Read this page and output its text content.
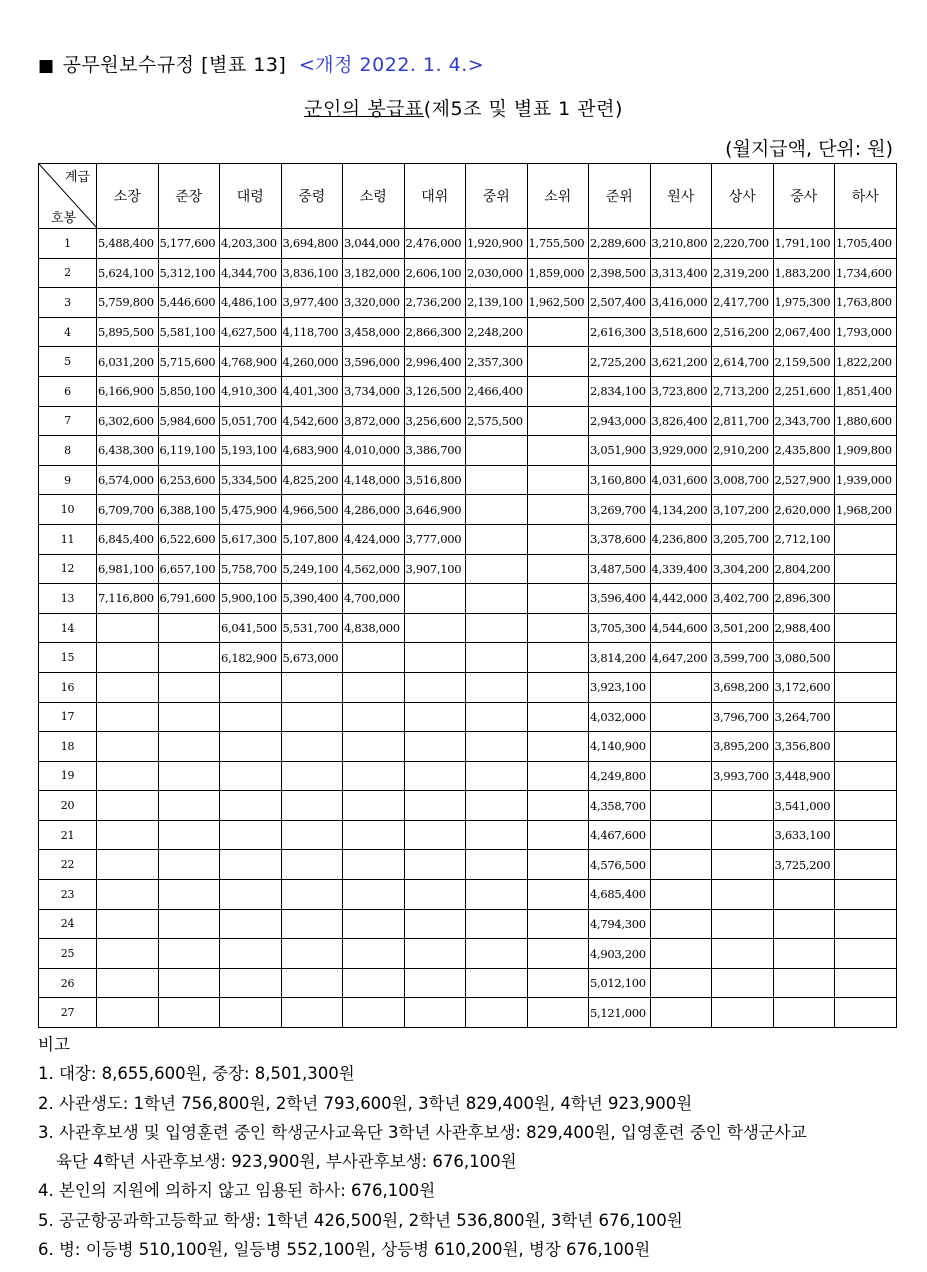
■ 공무원보수규정 [별표 13] <개정 2022. 1. 4.>
군인의 봉급표(제5조 및 별표 1 관련)
(월지급액, 단위: 원)
계급
호봉	소장	준장	대령	중령	소령	대위	중위	소위	준위	원사	상사	중사	하사
1	5,488,400	5,177,600	4,203,300	3,694,800	3,044,000	2,476,000	1,920,900	1,755,500	2,289,600	3,210,800	2,220,700	1,791,100	1,705,400
2	5,624,100	5,312,100	4,344,700	3,836,100	3,182,000	2,606,100	2,030,000	1,859,000	2,398,500	3,313,400	2,319,200	1,883,200	1,734,600
3	5,759,800	5,446,600	4,486,100	3,977,400	3,320,000	2,736,200	2,139,100	1,962,500	2,507,400	3,416,000	2,417,700	1,975,300	1,763,800
4	5,895,500	5,581,100	4,627,500	4,118,700	3,458,000	2,866,300	2,248,200		2,616,300	3,518,600	2,516,200	2,067,400	1,793,000
5	6,031,200	5,715,600	4,768,900	4,260,000	3,596,000	2,996,400	2,357,300		2,725,200	3,621,200	2,614,700	2,159,500	1,822,200
6	6,166,900	5,850,100	4,910,300	4,401,300	3,734,000	3,126,500	2,466,400		2,834,100	3,723,800	2,713,200	2,251,600	1,851,400
7	6,302,600	5,984,600	5,051,700	4,542,600	3,872,000	3,256,600	2,575,500		2,943,000	3,826,400	2,811,700	2,343,700	1,880,600
8	6,438,300	6,119,100	5,193,100	4,683,900	4,010,000	3,386,700			3,051,900	3,929,000	2,910,200	2,435,800	1,909,800
9	6,574,000	6,253,600	5,334,500	4,825,200	4,148,000	3,516,800			3,160,800	4,031,600	3,008,700	2,527,900	1,939,000
10	6,709,700	6,388,100	5,475,900	4,966,500	4,286,000	3,646,900			3,269,700	4,134,200	3,107,200	2,620,000	1,968,200
11	6,845,400	6,522,600	5,617,300	5,107,800	4,424,000	3,777,000			3,378,600	4,236,800	3,205,700	2,712,100	
12	6,981,100	6,657,100	5,758,700	5,249,100	4,562,000	3,907,100			3,487,500	4,339,400	3,304,200	2,804,200	
13	7,116,800	6,791,600	5,900,100	5,390,400	4,700,000				3,596,400	4,442,000	3,402,700	2,896,300	
14			6,041,500	5,531,700	4,838,000				3,705,300	4,544,600	3,501,200	2,988,400	
15			6,182,900	5,673,000					3,814,200	4,647,200	3,599,700	3,080,500	
16									3,923,100		3,698,200	3,172,600	
17									4,032,000		3,796,700	3,264,700	
18									4,140,900		3,895,200	3,356,800	
19									4,249,800		3,993,700	3,448,900	
20									4,358,700			3,541,000	
21									4,467,600			3,633,100	
22									4,576,500			3,725,200	
23									4,685,400				
24									4,794,300				
25									4,903,200				
26									5,012,100				
27									5,121,000				
비고
1. 대장: 8,655,600원, 중장: 8,501,300원
2. 사관생도: 1학년 756,800원, 2학년 793,600원, 3학년 829,400원, 4학년 923,900원
3. 사관후보생 및 입영훈련 중인 학생군사교육단 3학년 사관후보생: 829,400원, 입영훈련 중인 학생군사교
육단 4학년 사관후보생: 923,900원, 부사관후보생: 676,100원
4. 본인의 지원에 의하지 않고 임용된 하사: 676,100원
5. 공군항공과학고등학교 학생: 1학년 426,500원, 2학년 536,800원, 3학년 676,100원
6. 병: 이등병 510,100원, 일등병 552,100원, 상등병 610,200원, 병장 676,100원
